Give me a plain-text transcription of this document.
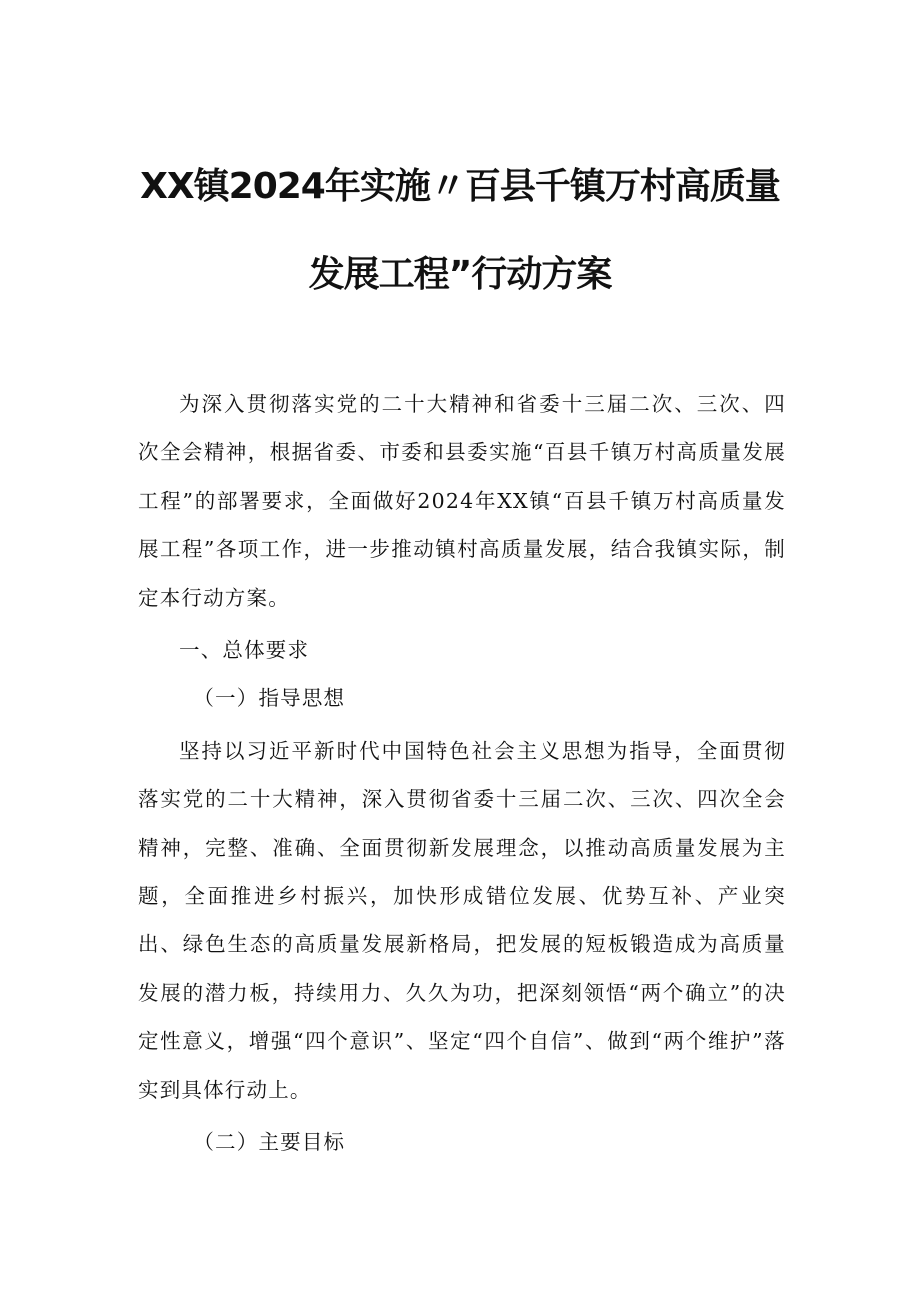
XX镇2024年实施〃百县千镇万村高质量
发展工程”行动方案

为深入贯彻落实党的二十大精神和省委十三届二次、三次、四次全会精神，根据省委、市委和县委实施“百县千镇万村高质量发展工程”的部署要求，全面做好2024年XX镇“百县千镇万村高质量发展工程”各项工作，进一步推动镇村高质量发展，结合我镇实际，制定本行动方案。

一、总体要求

（一）指导思想

坚持以习近平新时代中国特色社会主义思想为指导，全面贯彻落实党的二十大精神，深入贯彻省委十三届二次、三次、四次全会精神，完整、准确、全面贯彻新发展理念，以推动高质量发展为主题，全面推进乡村振兴，加快形成错位发展、优势互补、产业突出、绿色生态的高质量发展新格局，把发展的短板锻造成为高质量发展的潜力板，持续用力、久久为功，把深刻领悟“两个确立”的决定性意义，增强“四个意识”、坚定“四个自信”、做到“两个维护”落实到具体行动上。

（二）主要目标
